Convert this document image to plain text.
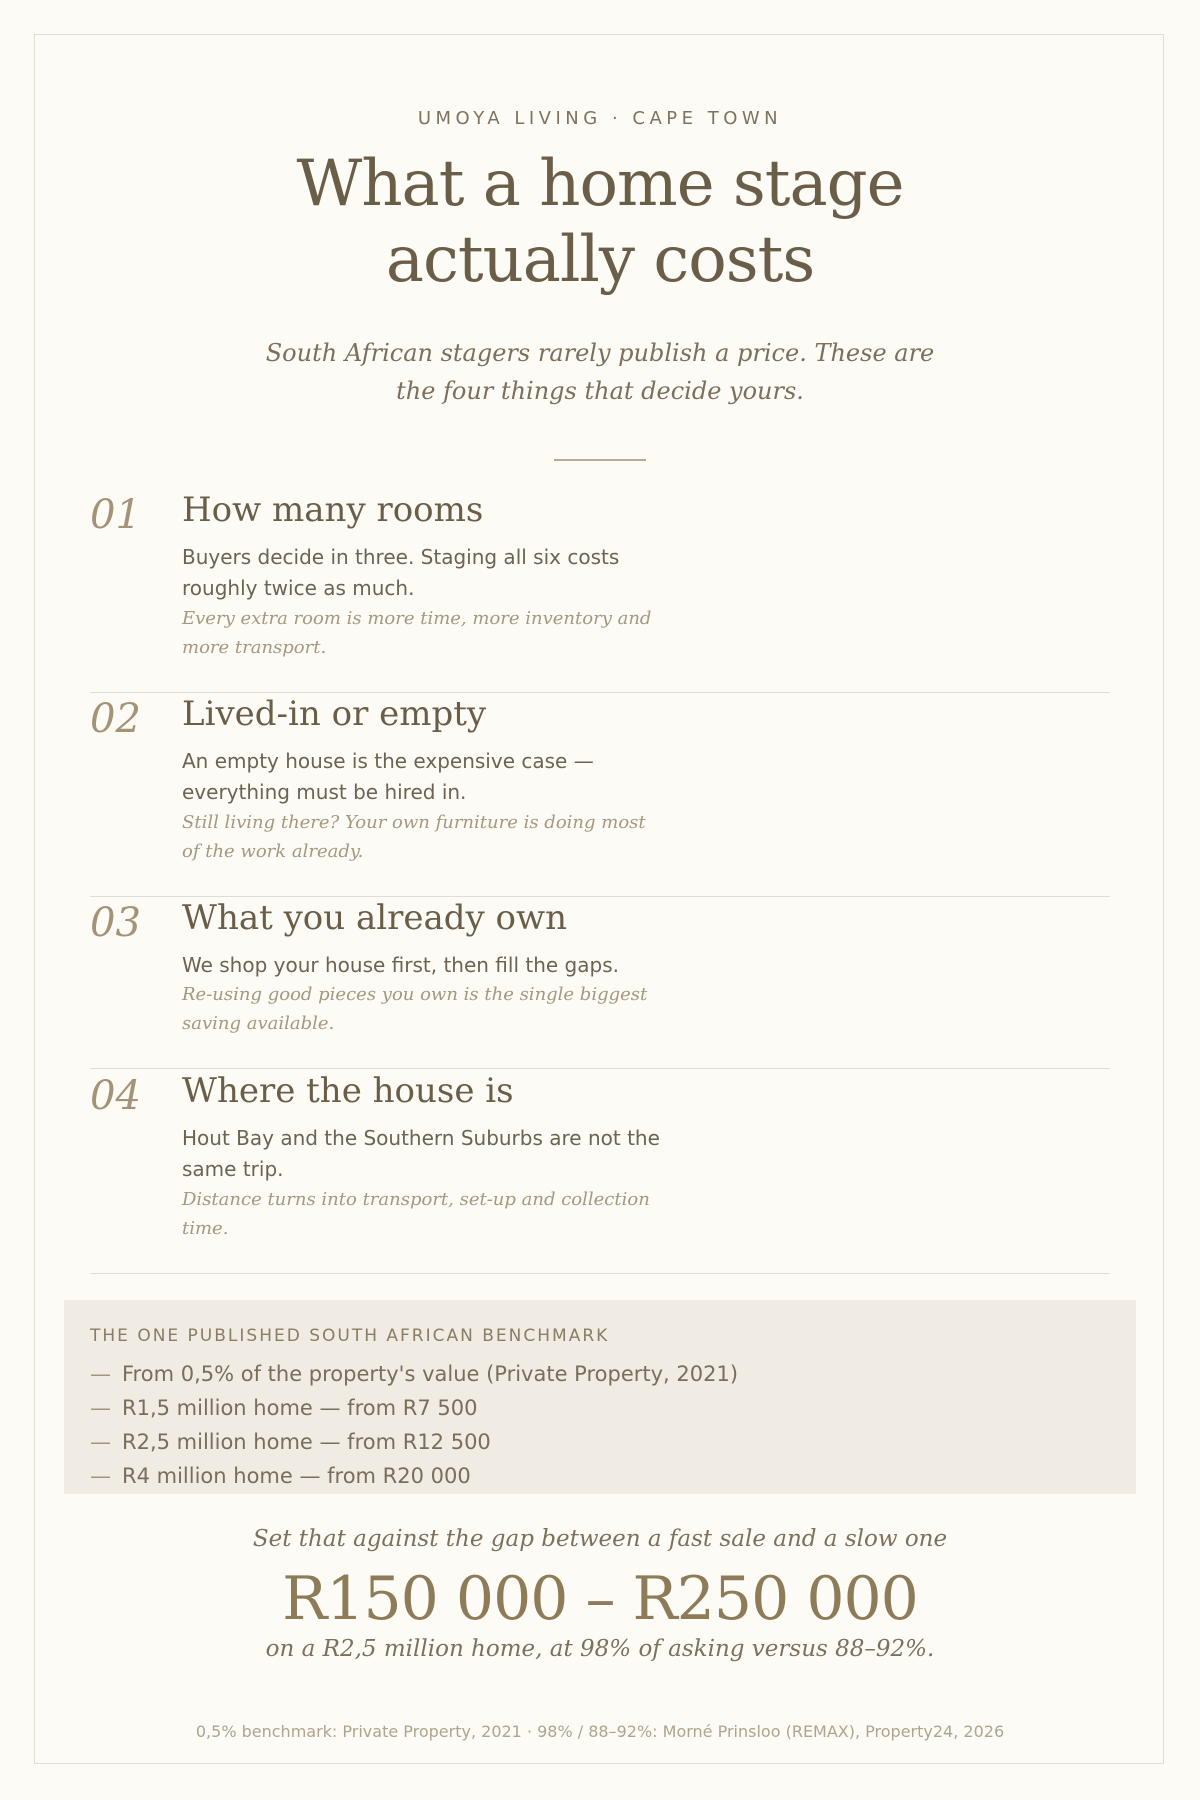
UMOYA LIVING · CAPE TOWN
What a home stage
actually costs
South African stagers rarely publish a price. These are the four things that decide yours.
01 How many rooms
Buyers decide in three. Staging all six costs roughly twice as much.
Every extra room is more time, more inventory and more transport.
02 Lived-in or empty
An empty house is the expensive case — everything must be hired in.
Still living there? Your own furniture is doing most of the work already.
03 What you already own
We shop your house first, then fill the gaps.
Re-using good pieces you own is the single biggest saving available.
04 Where the house is
Hout Bay and the Southern Suburbs are not the same trip.
Distance turns into transport, set-up and collection time.
THE ONE PUBLISHED SOUTH AFRICAN BENCHMARK
— From 0,5% of the property's value (Private Property, 2021)
— R1,5 million home — from R7 500
— R2,5 million home — from R12 500
— R4 million home — from R20 000
Set that against the gap between a fast sale and a slow one
R150 000 – R250 000
on a R2,5 million home, at 98% of asking versus 88–92%.
0,5% benchmark: Private Property, 2021 · 98% / 88–92%: Morné Prinsloo (REMAX), Property24, 2026
